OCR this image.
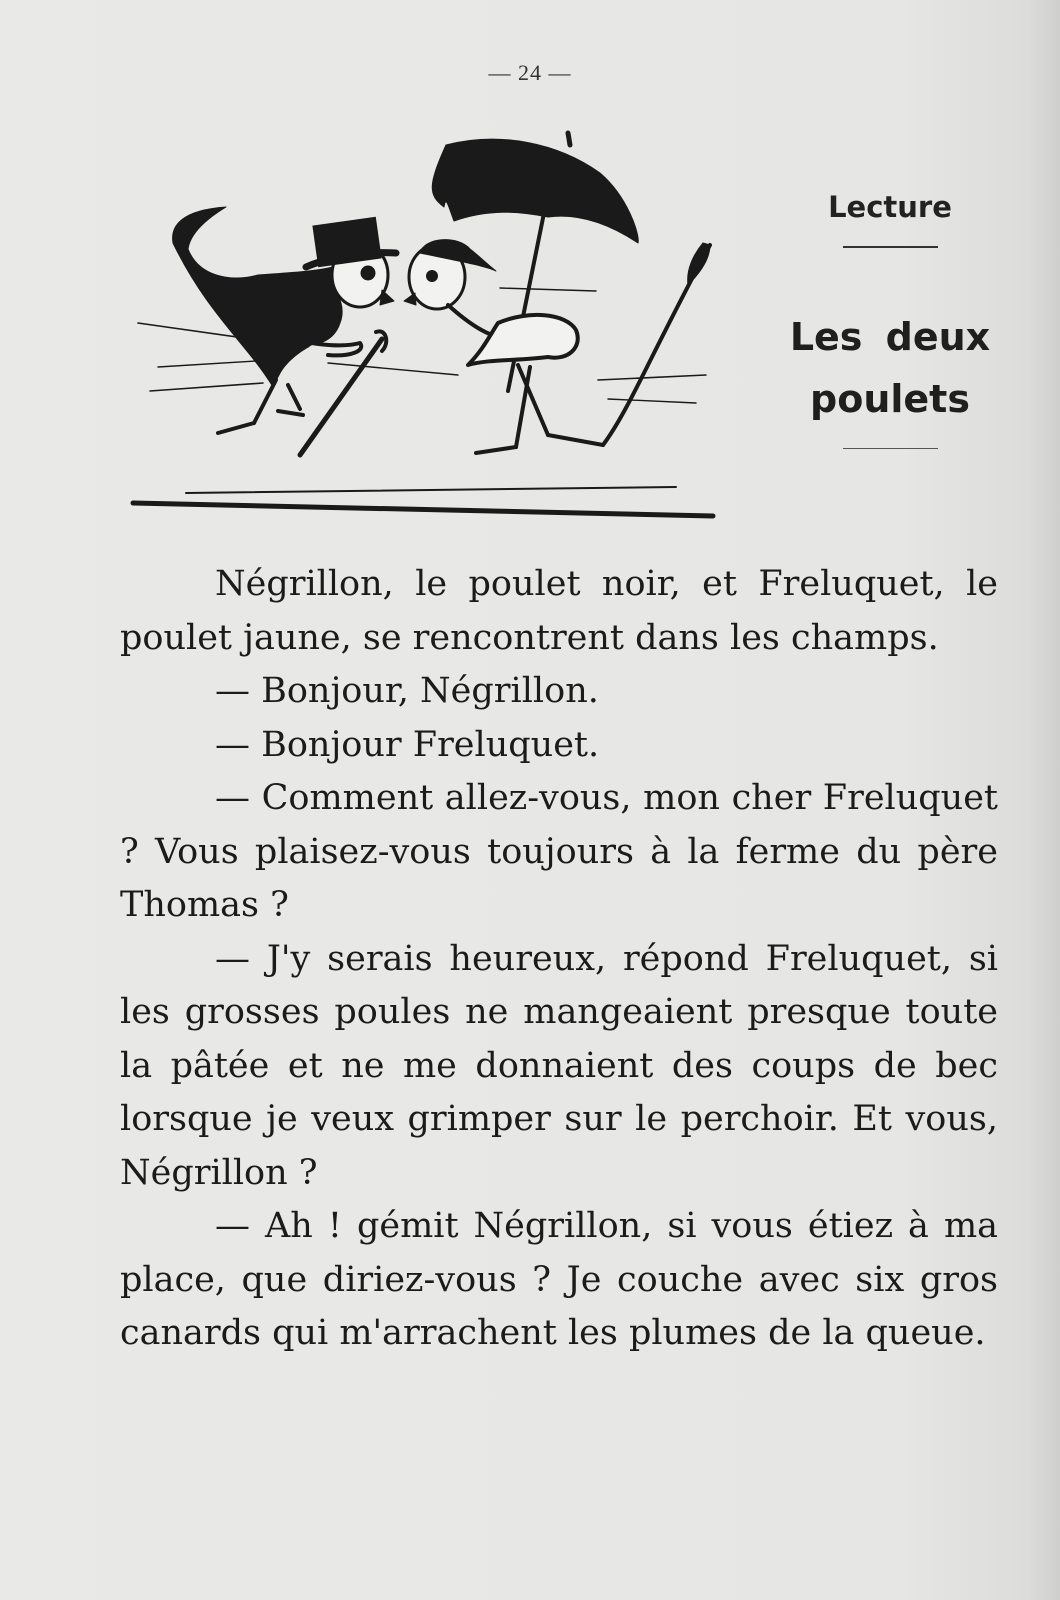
— 24 —
Lecture
Les deux poulets

Négrillon, le poulet noir, et Freluquet, le poulet jaune, se rencontrent dans les champs.

— Bonjour, Négrillon.

— Bonjour Freluquet.

— Comment allez-vous, mon cher Freluquet ? Vous plaisez-vous toujours à la ferme du père Thomas ?

— J'y serais heureux, répond Freluquet, si les grosses poules ne mangeaient presque toute la pâtée et ne me donnaient des coups de bec lorsque je veux grimper sur le perchoir. Et vous, Négrillon ?

— Ah ! gémit Négrillon, si vous étiez à ma place, que diriez-vous ? Je couche avec six gros canards qui m'arrachent les plumes de la queue.
